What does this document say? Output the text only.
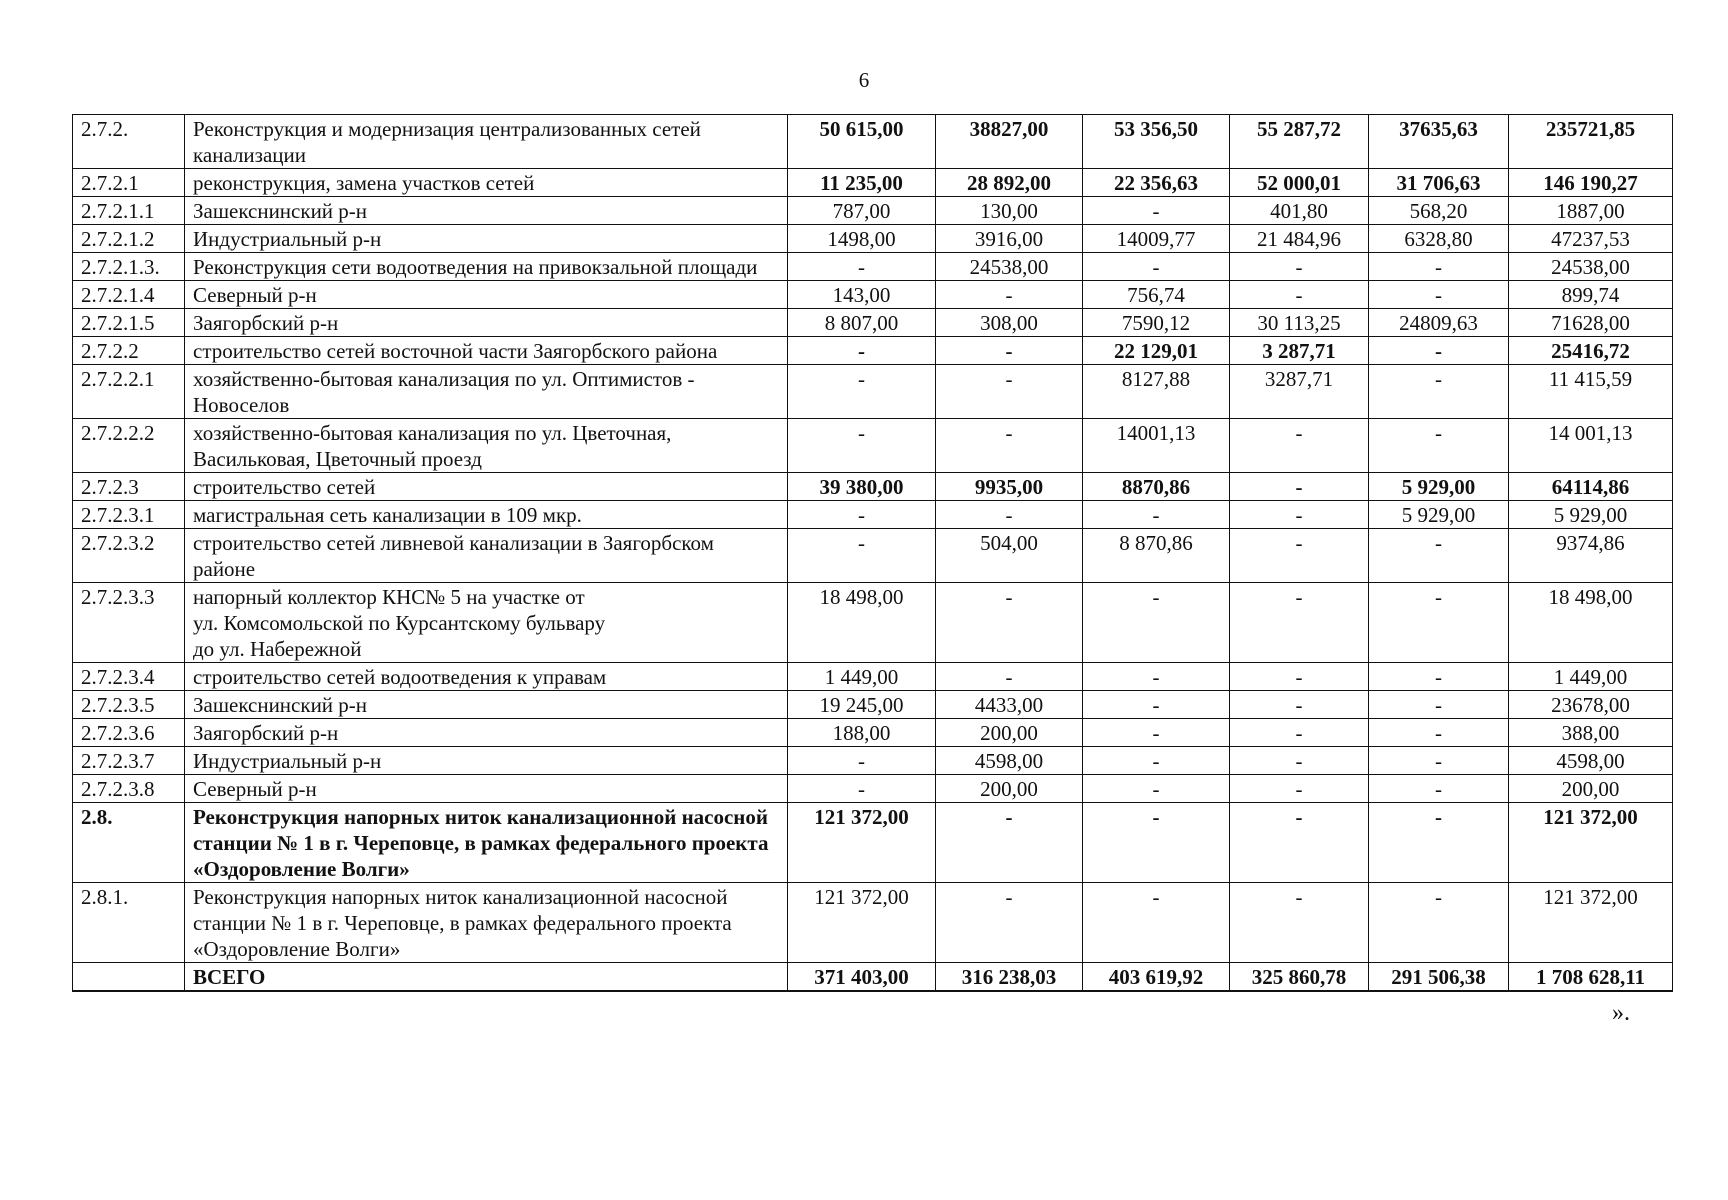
6
2.7.2.	Реконструкция и модернизация централизованных сетей канализации	50 615,00	38827,00	53 356,50	55 287,72	37635,63	235721,85
2.7.2.1	реконструкция, замена участков сетей	11 235,00	28 892,00	22 356,63	52 000,01	31 706,63	146 190,27
2.7.2.1.1	Зашекснинский р-н	787,00	130,00	-	401,80	568,20	1887,00
2.7.2.1.2	Индустриальный р-н	1498,00	3916,00	14009,77	21 484,96	6328,80	47237,53
2.7.2.1.3.	Реконструкция сети водоотведения на привокзальной площади	-	24538,00	-	-	-	24538,00
2.7.2.1.4	Северный р-н	143,00	-	756,74	-	-	899,74
2.7.2.1.5	Заягорбский р-н	8 807,00	308,00	7590,12	30 113,25	24809,63	71628,00
2.7.2.2	строительство сетей восточной части Заягорбского района	-	-	22 129,01	3 287,71	-	25416,72
2.7.2.2.1	хозяйственно-бытовая канализация по ул. Оптимистов - Новоселов	-	-	8127,88	3287,71	-	11 415,59
2.7.2.2.2	хозяйственно-бытовая канализация по ул. Цветочная, Васильковая, Цветочный проезд	-	-	14001,13	-	-	14 001,13
2.7.2.3	строительство сетей	39 380,00	9935,00	8870,86	-	5 929,00	64114,86
2.7.2.3.1	магистральная сеть канализации в 109 мкр.	-	-	-	-	5 929,00	5 929,00
2.7.2.3.2	строительство сетей ливневой канализации в Заягорбском районе	-	504,00	8 870,86	-	-	9374,86
2.7.2.3.3	напорный коллектор КНС№ 5 на участке от
ул. Комсомольской по Курсантскому бульвару
до ул. Набережной	18 498,00	-	-	-	-	18 498,00
2.7.2.3.4	строительство сетей водоотведения к управам	1 449,00	-	-	-	-	1 449,00
2.7.2.3.5	Зашекснинский р-н	19 245,00	4433,00	-	-	-	23678,00
2.7.2.3.6	Заягорбский р-н	188,00	200,00	-	-	-	388,00
2.7.2.3.7	Индустриальный р-н	-	4598,00	-	-	-	4598,00
2.7.2.3.8	Северный р-н	-	200,00	-	-	-	200,00
2.8.	Реконструкция напорных ниток канализационной насосной станции № 1 в г. Череповце, в рамках федерального проекта «Оздоровление Волги»	121 372,00	-	-	-	-	121 372,00
2.8.1.	Реконструкция напорных ниток канализационной насосной станции № 1 в г. Череповце, в рамках федерального проекта «Оздоровление Волги»	121 372,00	-	-	-	-	121 372,00
	ВСЕГО	371 403,00	316 238,03	403 619,92	325 860,78	291 506,38	1 708 628,11
».
